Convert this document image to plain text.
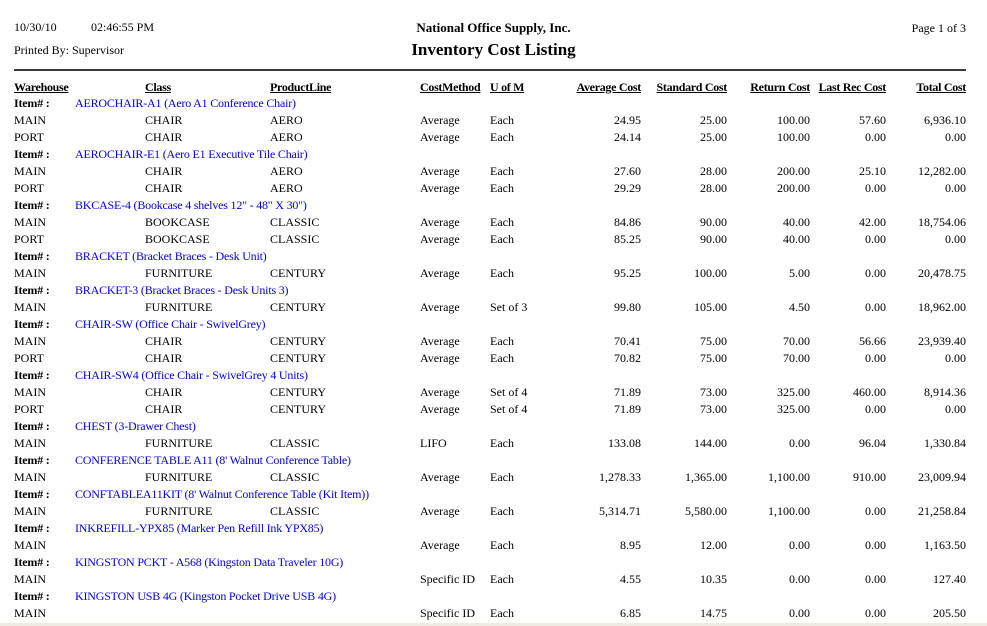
10/30/10	02:46:55 PM
Printed By: Supervisor
National Office Supply, Inc.
Inventory Cost Listing
Page 1 of 3
Warehouse	Class	ProductLine	CostMethod	U of M	Average Cost	Standard Cost	Return Cost	Last Rec Cost	Total Cost
Item# : AEROCHAIR-A1 (Aero A1 Conference Chair)									
MAIN	CHAIR	AERO	Average	Each	24.95	25.00	100.00	57.60	6,936.10
PORT	CHAIR	AERO	Average	Each	24.14	25.00	100.00	0.00	0.00
Item# : AEROCHAIR-E1 (Aero E1 Executive Tile Chair)									
MAIN	CHAIR	AERO	Average	Each	27.60	28.00	200.00	25.10	12,282.00
PORT	CHAIR	AERO	Average	Each	29.29	28.00	200.00	0.00	0.00
Item# : BKCASE-4 (Bookcase 4 shelves 12" - 48" X 30")									
MAIN	BOOKCASE	CLASSIC	Average	Each	84.86	90.00	40.00	42.00	18,754.06
PORT	BOOKCASE	CLASSIC	Average	Each	85.25	90.00	40.00	0.00	0.00
Item# : BRACKET (Bracket Braces - Desk Unit)									
MAIN	FURNITURE	CENTURY	Average	Each	95.25	100.00	5.00	0.00	20,478.75
Item# : BRACKET-3 (Bracket Braces - Desk Units 3)									
MAIN	FURNITURE	CENTURY	Average	Set of 3	99.80	105.00	4.50	0.00	18,962.00
Item# : CHAIR-SW (Office Chair - SwivelGrey)									
MAIN	CHAIR	CENTURY	Average	Each	70.41	75.00	70.00	56.66	23,939.40
PORT	CHAIR	CENTURY	Average	Each	70.82	75.00	70.00	0.00	0.00
Item# : CHAIR-SW4 (Office Chair - SwivelGrey 4 Units)									
MAIN	CHAIR	CENTURY	Average	Set of 4	71.89	73.00	325.00	460.00	8,914.36
PORT	CHAIR	CENTURY	Average	Set of 4	71.89	73.00	325.00	0.00	0.00
Item# : CHEST (3-Drawer Chest)									
MAIN	FURNITURE	CLASSIC	LIFO	Each	133.08	144.00	0.00	96.04	1,330.84
Item# : CONFERENCE TABLE A11 (8' Walnut Conference Table)									
MAIN	FURNITURE	CLASSIC	Average	Each	1,278.33	1,365.00	1,100.00	910.00	23,009.94
Item# : CONFTABLEA11KIT (8' Walnut Conference Table (Kit Item))									
MAIN	FURNITURE	CLASSIC	Average	Each	5,314.71	5,580.00	1,100.00	0.00	21,258.84
Item# : INKREFILL-YPX85 (Marker Pen Refill Ink YPX85)									
MAIN			Average	Each	8.95	12.00	0.00	0.00	1,163.50
Item# : KINGSTON PCKT - A568 (Kingston Data Traveler 10G)									
MAIN			Specific ID	Each	4.55	10.35	0.00	0.00	127.40
Item# : KINGSTON USB 4G (Kingston Pocket Drive USB 4G)									
MAIN			Specific ID	Each	6.85	14.75	0.00	0.00	205.50
